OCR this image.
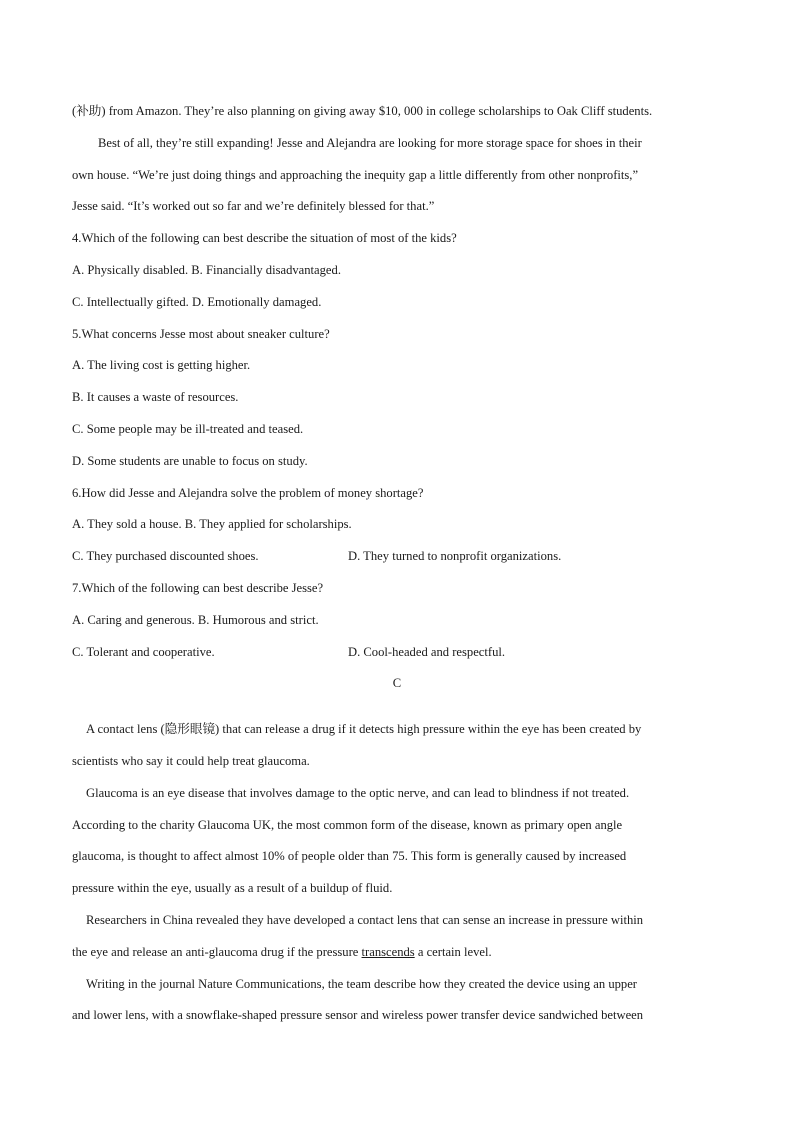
(补助) from Amazon. They’re also planning on giving away $10, 000 in college scholarships to Oak Cliff students.
Best of all, they’re still expanding! Jesse and Alejandra are looking for more storage space for shoes in their
own house. “We’re just doing things and approaching the inequity gap a little differently from other nonprofits,”
Jesse said. “It’s worked out so far and we’re definitely blessed for that.”
4.Which of the following can best describe the situation of most of the kids?
A. Physically disabled. B. Financially disadvantaged.
C. Intellectually gifted. D. Emotionally damaged.
5.What concerns Jesse most about sneaker culture?
A. The living cost is getting higher.
B. It causes a waste of resources.
C. Some people may be ill-treated and teased.
D. Some students are unable to focus on study.
6.How did Jesse and Alejandra solve the problem of money shortage?
A. They sold a house. B. They applied for scholarships.
C. They purchased discounted shoes.	D. They turned to nonprofit organizations.
7.Which of the following can best describe Jesse?
A. Caring and generous. B. Humorous and strict.
C. Tolerant and cooperative.	D. Cool-headed and respectful.
C
A contact lens (隐形眼镜) that can release a drug if it detects high pressure within the eye has been created by
scientists who say it could help treat glaucoma.
Glaucoma is an eye disease that involves damage to the optic nerve, and can lead to blindness if not treated.
According to the charity Glaucoma UK, the most common form of the disease, known as primary open angle
glaucoma, is thought to affect almost 10% of people older than 75. This form is generally caused by increased
pressure within the eye, usually as a result of a buildup of fluid.
Researchers in China revealed they have developed a contact lens that can sense an increase in pressure within
the eye and release an anti-glaucoma drug if the pressure transcends a certain level.
Writing in the journal Nature Communications, the team describe how they created the device using an upper
and lower lens, with a snowflake-shaped pressure sensor and wireless power transfer device sandwiched between
